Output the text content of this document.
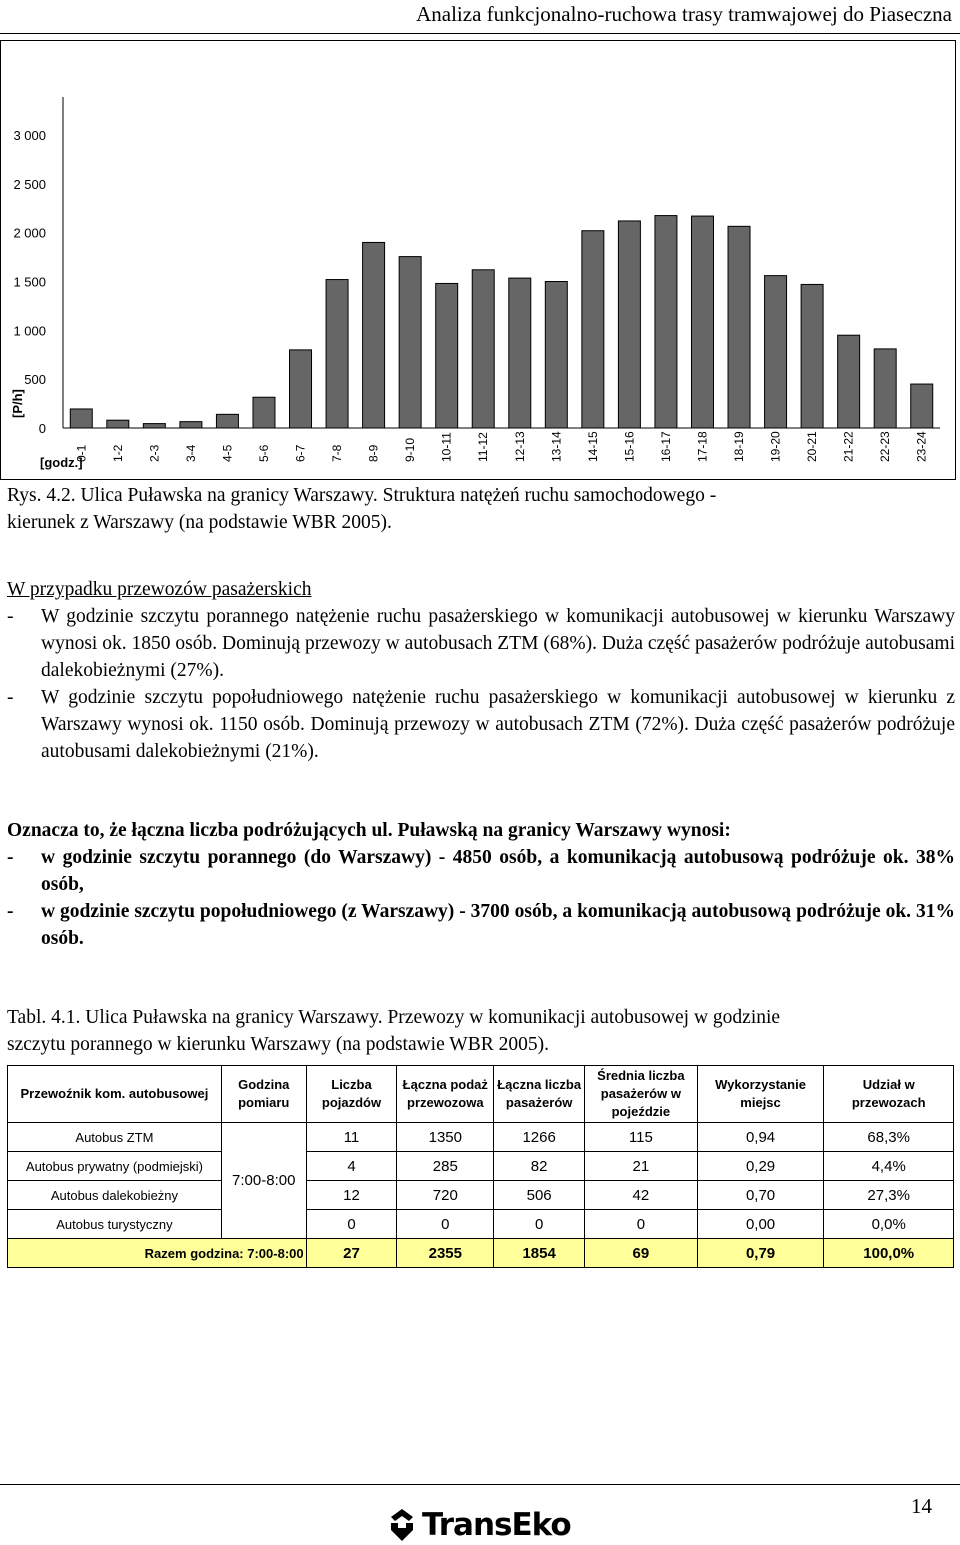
Analiza funkcjonalno-ruchowa trasy tramwajowej do Piaseczna
[P/h]
[godz.]
0
500
1 000
1 500
2 000
2 500
3 000
0-1 1-2 2-3 3-4 4-5 5-6 6-7 7-8 8-9 9-10 10-11 11-12 12-13 13-14 14-15 15-16 16-17 17-18 18-19 19-20 20-21 21-22 22-23 23-24

Rys. 4.2. Ulica Puławska na granicy Warszawy. Struktura natężeń ruchu samochodowego -

kierunek z Warszawy (na podstawie WBR 2005).

W przypadku przewozów pasażerskich
-	W godzinie szczytu porannego natężenie ruchu pasażerskiego w komunikacji autobusowej w kierunku Warszawy wynosi ok. 1850 osób. Dominują przewozy w autobusach ZTM (68%). Duża część pasażerów podróżuje autobusami dalekobieżnymi (27%).
-	W godzinie szczytu popołudniowego natężenie ruchu pasażerskiego w komunikacji autobusowej w kierunku z Warszawy wynosi ok. 1150 osób. Dominują przewozy w autobusach ZTM (72%). Duża część pasażerów podróżuje autobusami dalekobieżnymi (21%).
Oznacza to, że łączna liczba podróżujących ul. Puławską na granicy Warszawy wynosi:
-	w godzinie szczytu porannego (do Warszawy) - 4850 osób, a komunikacją autobusową podróżuje ok. 38% osób,
-	w godzinie szczytu popołudniowego (z Warszawy) - 3700 osób, a komunikacją autobusową podróżuje ok. 31% osób.
Tabl. 4.1. Ulica Puławska na granicy Warszawy. Przewozy w komunikacji autobusowej w godzinie
szczytu porannego w kierunku Warszawy (na podstawie WBR 2005).
Przewoźnik kom. autobusowej	Godzina pomiaru	Liczba pojazdów	Łączna podaż przewozowa	Łączna liczba pasażerów	Średnia liczba pasażerów w pojeździe	Wykorzystanie miejsc	Udział w przewozach
Autobus ZTM	7:00-8:00	11	1350	1266	115	0,94	68,3%
Autobus prywatny (podmiejski)		4	285	82	21	0,29	4,4%
Autobus dalekobieżny		12	720	506	42	0,70	27,3%
Autobus turystyczny		0	0	0	0	0,00	0,0%
Razem godzina: 7:00-8:00		27	2355	1854	69	0,79	100,0%
14
TransEko
